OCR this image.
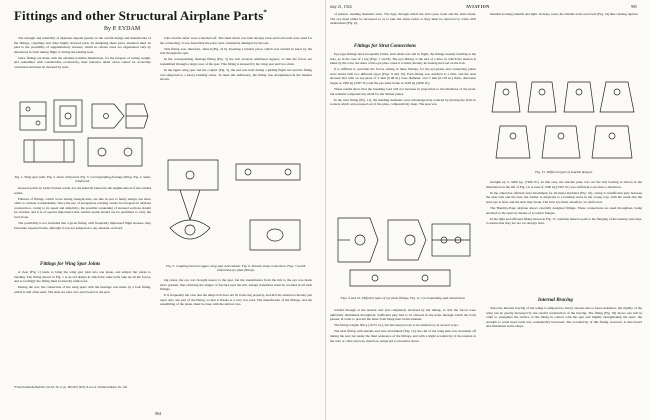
Fittings and other Structural Airplane Parts*
By P. EYDAM

The strength and reliability of airplanes depend greatly on the careful design and manufacture of the fittings, couplings and other highly stressed parts. In designing these parts, attention must be paid to the possibility of supplementary stresses, which in certain cases are engendered only by alterations in form during flight or during the landing tests.

Since fittings are made with the smallest possible dimensions, for the purpose of saving weight, and sometimes with considerable eccentricity, their behavior under stress cannot be accurately calculated and must be checked by tests.

Fig. 1. Wing spar joint. Fig. 2. Same reinforced. Fig. 3. Corresponding fuselage fitting. Fig. 4. Same reinforced.

stressed points by badly formed welds, nor the material burned in the neighborhood of the welded seams.

Failures of fittings, which occur during strength tests, are due in part to faulty design, but more often to careless workmanship. Since the use of autogenous welding cannot be foregone in airplane construction, owing to its speed and simplicity, the possible weakening of stressed sections should be avoided, and it is of special importance that welded seams should not be permitted to carry the load alone.

The possibility is not excluded that a given fitting, with frequently impressed flight stresses, may fail under repeated loads, although it was not subjected to any unusual overload.

Fittings for Wing Spar Joints

A clear (Fig. 1) tends to bring the wing spar joint into one plane, and subject the whole to bending. The fitting shown in Fig. 1 is an old design in which the same bolts take up all the forces, and accordingly the fitting must be heavily reinforced.

During the war, the connection of the wing spars with the fuselage was made by a fork fitting, which is still often used. The ends are bent over and riveted to the spar.

*From Technische Berichte, Vol. III, No. 6, pp. 180-205 (1918). N.A.C.A. Technical Memo. No. 192.

bolts and the latter were wrenched off. The sheet metal was bent sharply back and both bolts were used for the connecting. It was found that the parts were completely damaged by the test.

This fitting was, therefore, altered (Fig. 2) by inserting a tubular piece, which was welded in place by the bolt through the spar.

In the corresponding fuselage fitting (Fig. 3) the bolt receives additional support, so that the forces are transmitted through a larger area of the spar. This fitting is stressed by the wing spar and two struts.

In the upper wing spar and the coupler (Fig. 5), the end was bent during a gliding flight test and the fitting was subjected to a heavy bending stress. To meet this deficiency, the fitting was strengthened in the manner shown.

Fig. 5. Coupling between upper wing spar and cabane. Fig. 6. Tension strap connection. Figs. 7 and 8. Deformed eye plate fittings.

ing stress, the eye was brought nearer to the spar, but the transmission from the rim to the eye was made more gradual, thus reducing the danger of fracture near the rim. Abrupt transitions must be avoided in all such fittings.

It is frequently the case that the hinge bolt does not fit in the lug properly, and that the tension is thereby put upon only one part of the fitting, so that it breaks at a very low load. The manufacture of the fittings, and the assembling of the plane, must be done with the utmost care.

904
July 21, 1924	AVIATION	905

of tension, bending moments arise. The lugs, through which the bolts pass, bend and the bolts break. The eye must either be increased so as to take the stress better or they must be replaced by wires with turnbuckles (Fig. 6).

Fittings for Strut Connections

Eye-type fittings have frequently failed, both under test and in flight, the fittings usually bending at the hole, as in the case of a lug (Figs. 7 and 8). The eye fittings at the end of a tube, in which the tension is taken by the wire, the sides of the eye-plate cause it to bend, thereby increasing the load on the bolt.

It is difficult to ascertain the forces arising in these fittings, for the eye-plates and connecting plates were tested with two different types (Figs. 9 and 10). Each fitting was attached to a tube, and the tests showed that with an eye-plate of 2 mm (0.08 in.) base diameter, and 3 mm (0.118 in.) thick, distortion began at 1500 kg (3307 lb.) and the eye-plate broke at 2100 kg (4630 lb.).

These results show that the breaking load will not increase in proportion to the thickness of the plate, but remains comparatively small for the thicker plates.

In the next fitting (Fig. 11), the bending moments were advantageously reduced by placing the bolts in sockets which were pressed out of the plate, comparatively deep. The spar was

Figs. 9 and 10. Different types of eye plate fittings. Fig. 11. Corresponding spar attachment.

welded through at the neutral axis and completely enclosed by the tubing, so that the forces were uniformly distributed throughout. Sufficient play had to be allowed in the holes through which the bolts passed, in order to prevent the latter from being bent in this manner.

The fitting weighs 500 g (10.75 oz.), but has been proven to be satisfactory in several ways.

The strut fitting with shackle and wire attachment (Fig. 12), the rim of the wing skin was wrenched off during the test, but under the final resistance of the fittings, and with a slight eccentricity of the tension in the wire or cable and was, therefore, subjected to excessive stress.

mended as being suitable and light. In many cases, the shackle bolts were bent (Fig. 14) thus causing rupture.

Fig. 15. Different types of shackle designs.

strength up to 3400 kg. (7496 lb.). In this case, the shackle plate was cut the bolt bearing is shown in the illustration on the left of Fig. 14. A load of 1500 kg (3307 lb.) was sufficient to produce a distortion.

In the otherwise efficient strut attachment for all-metal airplanes (Fig. 16), owing to insufficient play between the strut fork and the fork, the former is subjected to a bending stress in the wrong way, with the result that the strut-eye is bent, and the strut may break. The strut eye must, therefore, be reinforced.

The Handley-Page airplane shows carefully designed fittings. These connections are used throughout, being attached to the spars by means of eccentric flanges.

In the light and efficient fitting shown in Fig. 17, attention must be paid to the flanging of the bearing wire lugs, to ensure that they are not too sharply bent.

Internal Bracing

Since the internal bracing of the wings is subjected to heavy stresses due to head resistance, the rigidity of the wing can be greatly increased by the careful construction of the bracing. The fitting (Fig. 18) shows one bolt in order to strengthen the surface of the fitting in contact with the spar and slightly strengthening the spars, the strength to resist head loads was considerably increased. The eccentricity of this fitting, however, is discovered and eliminated in the shops.
